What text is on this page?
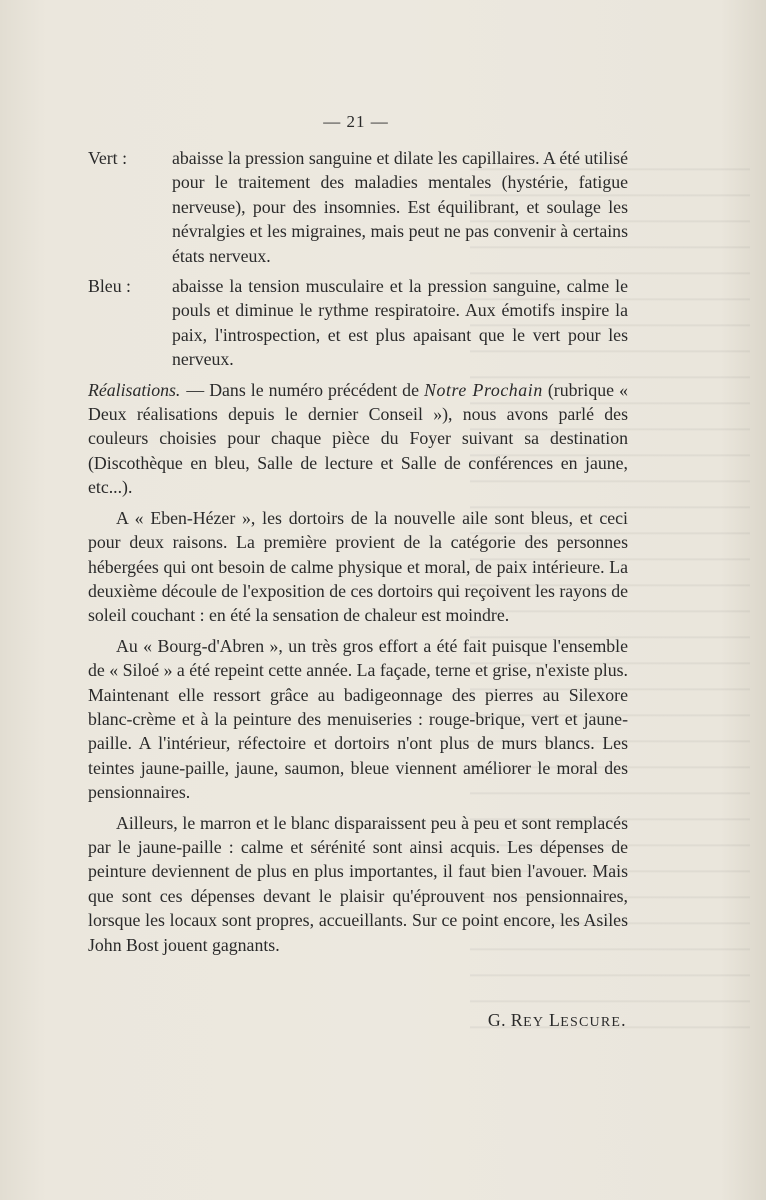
— 21 —
Vert :	abaisse la pression sanguine et dilate les capillaires. A été utilisé pour le traitement des maladies mentales (hystérie, fatigue nerveuse), pour des insomnies. Est équilibrant, et soulage les névralgies et les migraines, mais peut ne pas convenir à certains états nerveux.
Bleu :	abaisse la tension musculaire et la pression sanguine, calme le pouls et diminue le rythme respiratoire. Aux émotifs inspire la paix, l'introspection, et est plus apaisant que le vert pour les nerveux.

Réalisations. — Dans le numéro précédent de Notre Prochain (rubrique « Deux réalisations depuis le dernier Conseil »), nous avons parlé des couleurs choisies pour chaque pièce du Foyer suivant sa destination (Discothèque en bleu, Salle de lecture et Salle de conférences en jaune, etc...).

A « Eben-Hézer », les dortoirs de la nouvelle aile sont bleus, et ceci pour deux raisons. La première provient de la catégorie des personnes hébergées qui ont besoin de calme physique et moral, de paix intérieure. La deuxième découle de l'exposition de ces dortoirs qui reçoivent les rayons de soleil couchant : en été la sensation de chaleur est moindre.

Au « Bourg-d'Abren », un très gros effort a été fait puisque l'ensemble de « Siloé » a été repeint cette année. La façade, terne et grise, n'existe plus. Maintenant elle ressort grâce au badigeonnage des pierres au Silexore blanc-crème et à la peinture des menuiseries : rouge-brique, vert et jaune-paille. A l'intérieur, réfectoire et dortoirs n'ont plus de murs blancs. Les teintes jaune-paille, jaune, saumon, bleue viennent améliorer le moral des pensionnaires.

Ailleurs, le marron et le blanc disparaissent peu à peu et sont remplacés par le jaune-paille : calme et sérénité sont ainsi acquis. Les dépenses de peinture deviennent de plus en plus importantes, il faut bien l'avouer. Mais que sont ces dépenses devant le plaisir qu'éprouvent nos pensionnaires, lorsque les locaux sont propres, accueillants. Sur ce point encore, les Asiles John Bost jouent gagnants.

G. REY LESCURE.
